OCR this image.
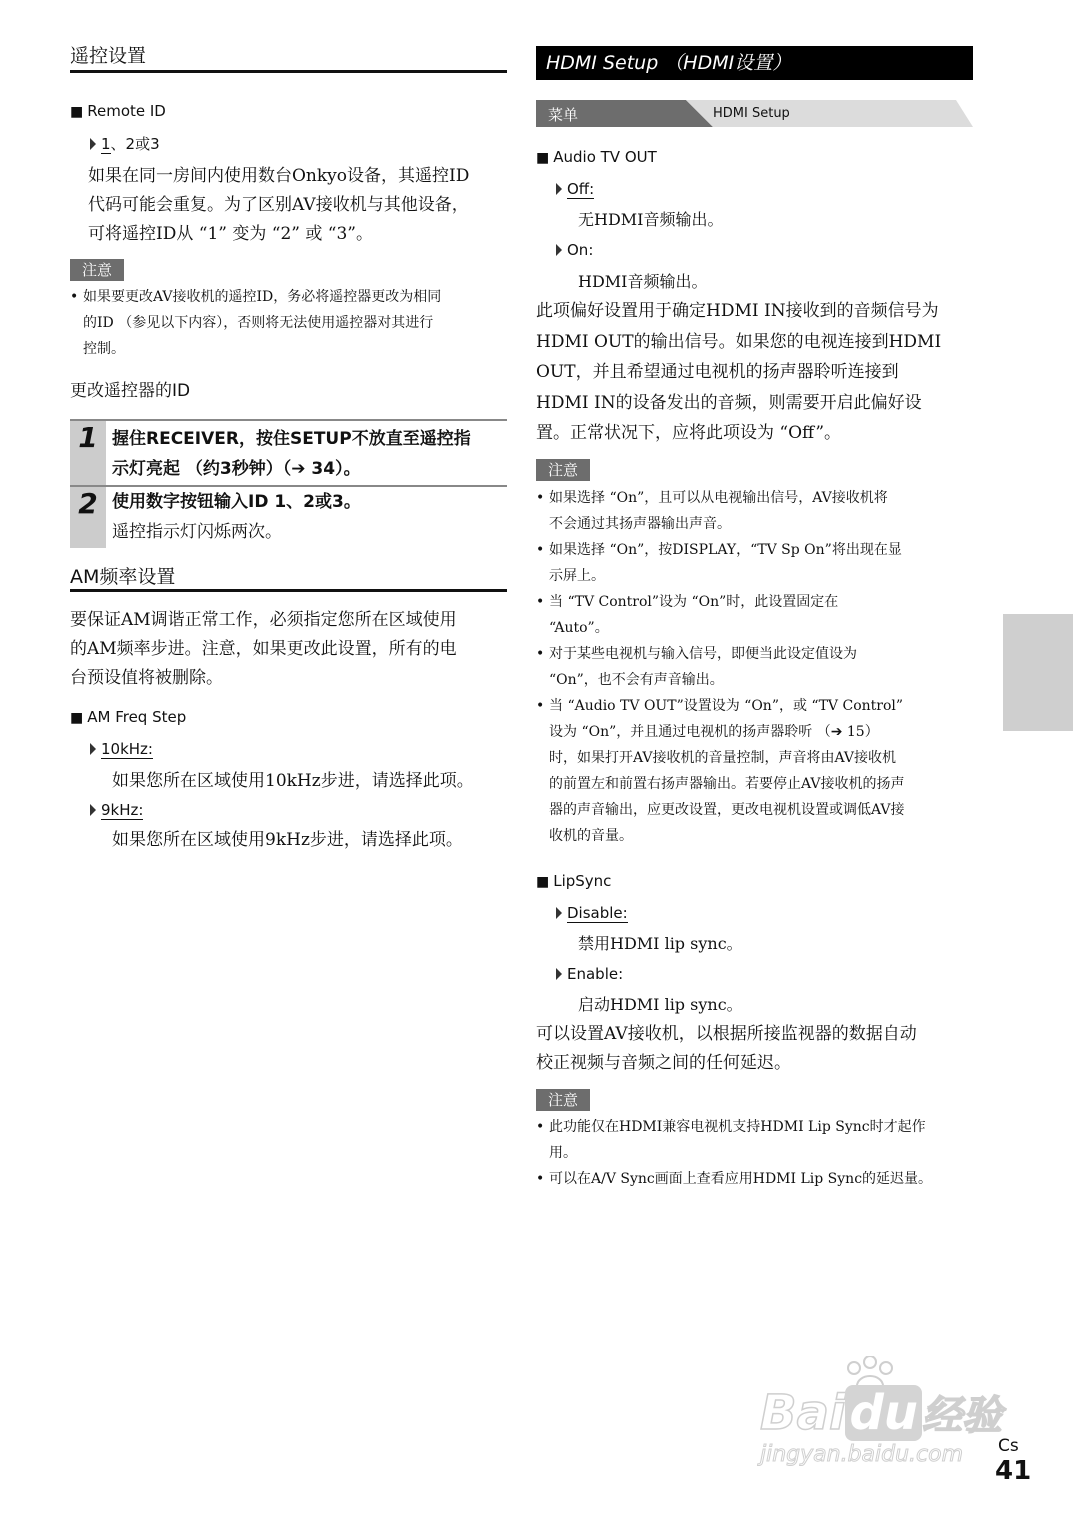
遥控设置
■ Remote ID
1、2或3
如果在同一房间内使用数台Onkyo设备，其遥控ID
代码可能会重复。为了区别AV接收机与其他设备，
可将遥控ID从 “1” 变为 “2” 或 “3”。
注意
• 如果要更改AV接收机的遥控ID，务必将遥控器更改为相同
的ID （参见以下内容），否则将无法使用遥控器对其进行
控制。
更改遥控器的ID
1 握住RECEIVER，按住SETUP不放直至遥控指
示灯亮起 （约3秒钟）（➔ 34）。
2 使用数字按钮输入ID 1、2或3。
遥控指示灯闪烁两次。
AM频率设置
要保证AM调谐正常工作，必须指定您所在区域使用
的AM频率步进。注意，如果更改此设置，所有的电
台预设值将被删除。
■ AM Freq Step
10kHz:
如果您所在区域使用10kHz步进，请选择此项。
9kHz:
如果您所在区域使用9kHz步进，请选择此项。
HDMI Setup （HDMI设置）
菜单	HDMI Setup
■ Audio TV OUT
Off:
无HDMI音频输出。
On:
HDMI音频输出。
此项偏好设置用于确定HDMI IN接收到的音频信号为
HDMI OUT的输出信号。如果您的电视连接到HDMI
OUT，并且希望通过电视机的扬声器聆听连接到
HDMI IN的设备发出的音频，则需要开启此偏好设
置。正常状况下，应将此项设为 “Off”。
注意
• 如果选择 “On”，且可以从电视输出信号，AV接收机将
不会通过其扬声器输出声音。
• 如果选择 “On”，按DISPLAY，“TV Sp On”将出现在显
示屏上。
• 当 “TV Control”设为 “On”时，此设置固定在
“Auto”。
• 对于某些电视机与输入信号，即便当此设定值设为
“On”，也不会有声音输出。
• 当 “Audio TV OUT”设置设为 “On”，或 “TV Control”
设为 “On”，并且通过电视机的扬声器聆听 （➔ 15）
时，如果打开AV接收机的音量控制，声音将由AV接收机
的前置左和前置右扬声器输出。若要停止AV接收机的扬声
器的声音输出，应更改设置，更改电视机设置或调低AV接
收机的音量。
■ LipSync
Disable:
禁用HDMI lip sync。
Enable:
启动HDMI lip sync。
可以设置AV接收机，以根据所接监视器的数据自动
校正视频与音频之间的任何延迟。
注意
• 此功能仅在HDMI兼容电视机支持HDMI Lip Sync时才起作
用。
• 可以在A/V Sync画面上查看应用HDMI Lip Sync的延迟量。
Baidu 经验
jingyan.baidu.com Cs
41
